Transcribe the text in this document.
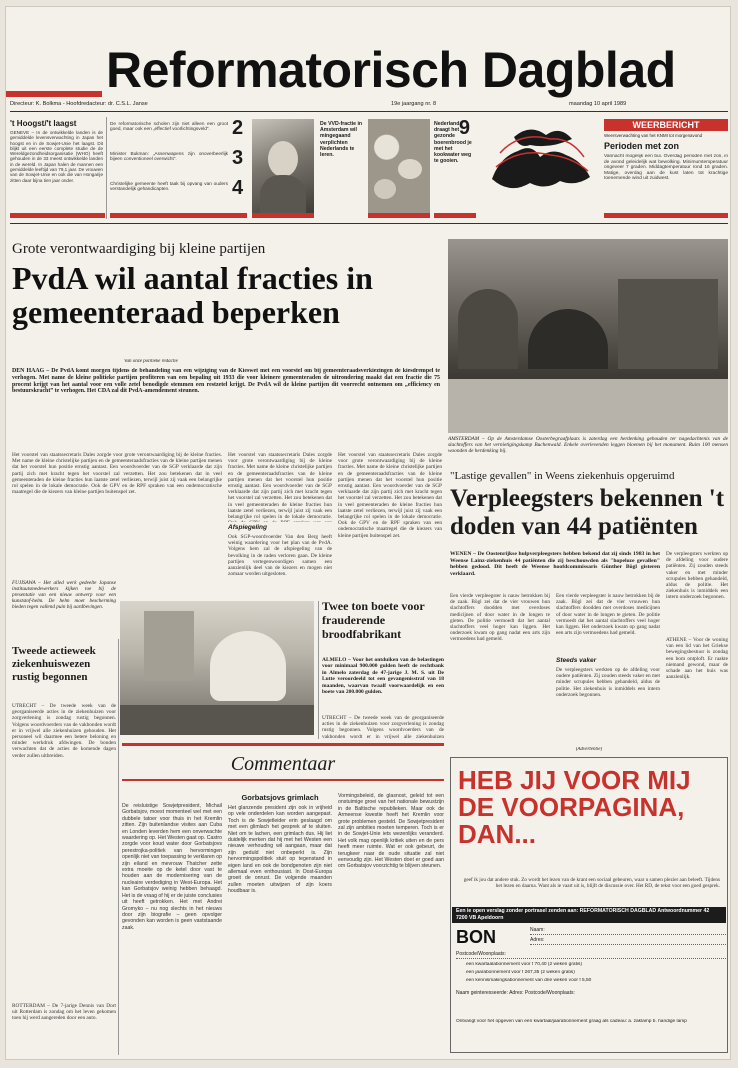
Reformatorisch Dagblad
Directeur: K. Bolkma - Hoofdredacteur: dr. C.S.L. Janse	19e jaargang nr. 8	maandag 10 april 1989
't Hoogst/'t laagst
GENEVE – In de ontwikkelde landen is de gemiddelde levensverwachting in Japan het hoogst en in de Sowjet-Unie het laagst. Dit blijkt uit een eerste complete studie de de Wereldgezondheidsorganisatie (WHO) heeft gehouden in de 33 meest ontwikkelde landen in de wereld. In Japan halen de mannen een gemiddelde leeftijd van 79,1 jaar. De vrouwen van de Sowjet-Unie en ook die van Hongarije zitten daar bijna tien jaar onder.
De reformatorische scholen zijn niet alleen een groot goed, maar ook een „effectief voorlichtingsveld”.	2
Minister Bukman: „Assenwapens zijn onoverbeerlijk bijeen conventioneel overwicht”.	3
Christelijke gemeente heeft taak bij opvang van ouders verstandelijk gehandicapten.	4
De VVD-fractie in Amsterdam wil mingegaand verplichten Nederlands te leren.
Nederland draagt het gezonde boerenbrood je met het kookwater weg te gooien.
9	WEERBERICHT
Weersverwachting van het KNMI tot morgenavond
Perioden met zon
Vannacht mogelijk een bui. Overdag perioden met zon, in de avond geleidelijk wat bewolking. Minimumtemperatuur ongeveer 7 graden. Middagtemperatuur rond 16 graden. Matige, overdag aan de kust laten tot krachtige toenemende wind uit zuidwest.
Grote verontwaardiging bij kleine partijen
PvdA wil aantal fracties in gemeenteraad beperken
Van onze politieke redactie
DEN HAAG – De PvdA komt morgen tijdens de behandeling van een wijziging van de Kieswet met een voorstel om bij gemeenteraadsverkiezingen de kiesdrempel te verhogen. Met name de kleine politieke partijen profiteren van een bepaling uit 1933 die voor kleinere gemeenteraden de uitrondering maakt dat een fractie die 75 procent krijgt van het aantal voor een volle zetel benodigde stemmen een restzetel krijgt. De PvdA wil de kleine partijen dit voorrecht ontnemen om „efficiency en bestuurskracht” te verhogen. Het CDA zal dit PvdA-amendement steunen.
Het voorstel van staatssecretaris Dales zorgde voor grote verontwaardiging bij de kleine fracties. Met name de kleine christelijke partijen en de gemeenteraadsfracties van de kleine partijen menen dat het voorstel hun positie ernstig aantast. Een woordvoerder van de SGP verklaarde dat zijn partij zich met kracht tegen het voorstel zal verzetten. Het zou betekenen dat in veel gemeenteraden de kleine fracties hun laatste zetel verliezen, terwijl juist zij vaak een belangrijke rol spelen in de lokale democratie. Ook de GPV en de RPF spraken van een ondemocratische maatregel die de kiezers van kleine partijen buitenspel zet.
Het voorstel van staatssecretaris Dales zorgde voor grote verontwaardiging bij de kleine fracties. Met name de kleine christelijke partijen en de gemeenteraadsfracties van de kleine partijen menen dat het voorstel hun positie ernstig aantast. Een woordvoerder van de SGP verklaarde dat zijn partij zich met kracht tegen het voorstel zal verzetten. Het zou betekenen dat in veel gemeenteraden de kleine fracties hun laatste zetel verliezen, terwijl juist zij vaak een belangrijke rol spelen in de lokale democratie.
Afspiegeling
Ook SGP-woordvoerder Van den Berg heeft weinig waardering voor het plan van de PvdA. Volgens hem zal de afspiegeling van de bevolking in de raden verloren gaan. De kleine partijen vertegenwoordigen samen een aanzienlijk deel van de kiezers en mogen niet zomaar worden uitgesloten.
Het voorstel van staatssecretaris Dales zorgde voor grote verontwaardiging bij de kleine fracties. Met name de kleine christelijke partijen en de gemeenteraadsfracties van de kleine partijen menen dat het voorstel hun positie ernstig aantast. Een woordvoerder van de SGP verklaarde dat zijn partij zich met kracht tegen het voorstel zal verzetten. Het zou betekenen dat in veel gemeenteraden de kleine fracties hun laatste zetel verliezen, terwijl juist zij vaak een belangrijke rol spelen in de lokale democratie. Ook de GPV en de RPF spraken van een ondemocratische maatregel die de kiezers van kleine partijen buitenspel zet.
FUJISAWA – Het alled werk gedeelte Japanse instituutsmedewerkers kijken toe bij de presentatie van een nieuw ontwerp voor een kunststof-helm. De helm moet bescherming bieden tegen vallend puin bij aardbevingen.
Tweede actieweek ziekenhuiswezen rustig begonnen
UTRECHT – De tweede week van de georganiseerde acties in de ziekenhuizen voor zorgverlening is zondag rustig begonnen. Volgens woordvoerders van de vakbonden wordt er in vrijwel alle ziekenhuizen gehouden. Het personeel wil daarmee een betere beloning en minder werkdruk afdwingen. De bonden verwachten dat de acties de komende dagen verder zullen uitbreiden.
ROTTERDAM – De 7-jarige Dennis van Dort uit Rotterdam is zondag om het leven gekomen toen hij werd aangereden door een auto.
AMSTERDAM – Op de Amsterdamse Oosterbegraafplaats is zaterdag een herdenking gehouden ter nagedachtenis van de slachtoffers van het vernietigingskamp Buchenwald. Enkele overlevenden leggen bloemen bij het monument. Ruim 100 mensen woonden de herdenking bij.
"Lastige gevallen" in Weens ziekenhuis opgeruimd
Verpleegsters bekennen 't doden van 44 patiënten
WENEN – De Oostenrijkse hulpverpleegsters hebben bekend dat zij sinds 1983 in het Weense Lainz-ziekenhuis 44 patiënten die zij beschouwden als "hopeloze gevallen" hebben gedood. Dit heeft de Weense hoofdcommissaris Günther Bögl gisteren verklaard.
Een vierde verpleegster is nauw betrokken bij de zaak. Bögl zei dat de vier vrouwen hun slachtoffers doodden met overdoses medicijnen of door water in de longen te gieten. De politie vermoedt dat het aantal slachtoffers veel hoger kan liggen. Het onderzoek kwam op gang nadat een arts zijn vermoedens had gemeld.
Een vierde verpleegster is nauw betrokken bij de zaak. Bögl zei dat de vier vrouwen hun slachtoffers doodden met overdoses medicijnen of door water in de longen te gieten. De politie vermoedt dat het aantal slachtoffers veel hoger kan liggen. Het onderzoek kwam op gang nadat een arts zijn vermoedens had gemeld.
Steeds vaker
De verpleegsters werkten op de afdeling voor oudere patiënten. Zij zouden steeds vaker en met minder scrupules hebben gehandeld, aldus de politie. Het ziekenhuis is inmiddels een intern onderzoek begonnen.
De verpleegsters werkten op de afdeling voor oudere patiënten. Zij zouden steeds vaker en met minder scrupules hebben gehandeld, aldus de politie. Het ziekenhuis is inmiddels een intern onderzoek begonnen.
ATHENE – Voor de woning van een lid van het Griekse bewegingsbestuur is zondag een bom ontploft. Er raakte niemand gewond, maar de schade aan het huis was aanzienlijk.
Twee ton boete voor frauderende broodfabrikant
ALMELO – Voor het ontduiken van de belastingen voor minimaal 900.000 gulden heeft de rechtbank in Almelo zaterdag de 47-jarige J. M. S. uit De Lutte veroordeeld tot een gevangenisstraf van 18 maanden, waarvan twaalf voorwaardelijk en een boete van 200.000 gulden.
UTRECHT – De tweede week van de georganiseerde acties in de ziekenhuizen voor zorgverlening is zondag rustig begonnen. Volgens woordvoerders van de vakbonden wordt er in vrijwel alle ziekenhuizen
Commentaar
De reisluistige Sowjetpresident, Michail Gorbatsjov, moest momenteel wel met een dubbele tatoer voor thuis in het Kremlin zitten. Zijn buitenlandse visites aan Cuba en Londen leverden hem een onverwachte waardering op. Het Westen gaat op. Castro zorgde voor koud water door Gorbatsjovs perestrojka-politiek van hervormingen openlijk niet van toepassing te verklaren op zijn eiland en mevrouw Thatcher zette extra moeite op de ketel door vast te houden aan de modernisering van de nucleaire verdediging in West-Europa. Het kan Gorbatsjov weinig hebben behaagd. Het is de vraag of hij er de juiste conclusies uit heeft getrokken. Het met Andrei Gromyko – nu nog slechts in het nieuws door zijn biografie – geen opvolger gevonden kan worden is geen vaststaande zaak.
Gorbatsjovs grimlach
Het glanzende president zijn ook in vrijheid op vele onderdelen kan worden aangepast. Toch is de Sowjetleider erin geslaagd om met een glimlach het gesprek af te sluiten. Niet om te lachen, een grimlach dus. Hij liet duidelijk merken dat hij met het Westen een nieuwe verhouding wil aangaan, maar dat zijn geduld niet onbeperkt is. Zijn hervormingspolitiek stuit op tegenstand in eigen land en ook de bondgenoten zijn niet allemaal even enthousiast. In Oost-Europa groeit de onrust. De volgende maanden zullen moeten uitwijzen of zijn koers houdbaar is.
Vormingsbeleid, de glasnost, geleid tot een onstuimige groei van het nationale bewustzijn in de Baltische republieken. Maar ook de Armeense kwestie heeft het Kremlin voor grote problemen gesteld. De Sowjetpresident zal zijn ambities moeten temperen. Toch is er in de Sowjet-Unie iets wezenlijks veranderd. Het volk mag openlijk kritiek uiten en de pers heeft meer ruimte. Wat er ook gebeurt, de terugkeer naar de oude situatie zal niet eenvoudig zijn. Het Westen doet er goed aan om Gorbatsjov voorzichtig te blijven steunen.
(Advertentie)
HEB JIJ VOOR MIJ DE VOORPAGINA, DAN...
geef ik jou dat andere stuk. Zo wordt het lezen van de krant een sociaal gebeuren, waar u samen plezier aan beleeft. Tijdens het lezen en daarna. Want als ie vaart uit is, blijft de discussie over. Het RD, de tekst voor een goed gesprek.
Een ie open verslag zonder portrasel zenden aan: REFORMATORISCH DAGBLAD Antwoordnummer 42 7200 VB Apeldoorn
BON	Naam:
Adres:
Postcode/Woonplaats:
een kwartaalabonnement voor f 70,40 (2 weken gratis)
een jaarabonnement voor f 267,35 (2 weken gratis)
een kennismakingsabonnement van drie weken voor f 5,50
Naam geinteresseerde: Adres: Postcode/Woonplaats:
Ontvangt voor het opgeven van een kwartaal/jaarabonnement graag als cadeau: a. zaklamp b. handige lamp
